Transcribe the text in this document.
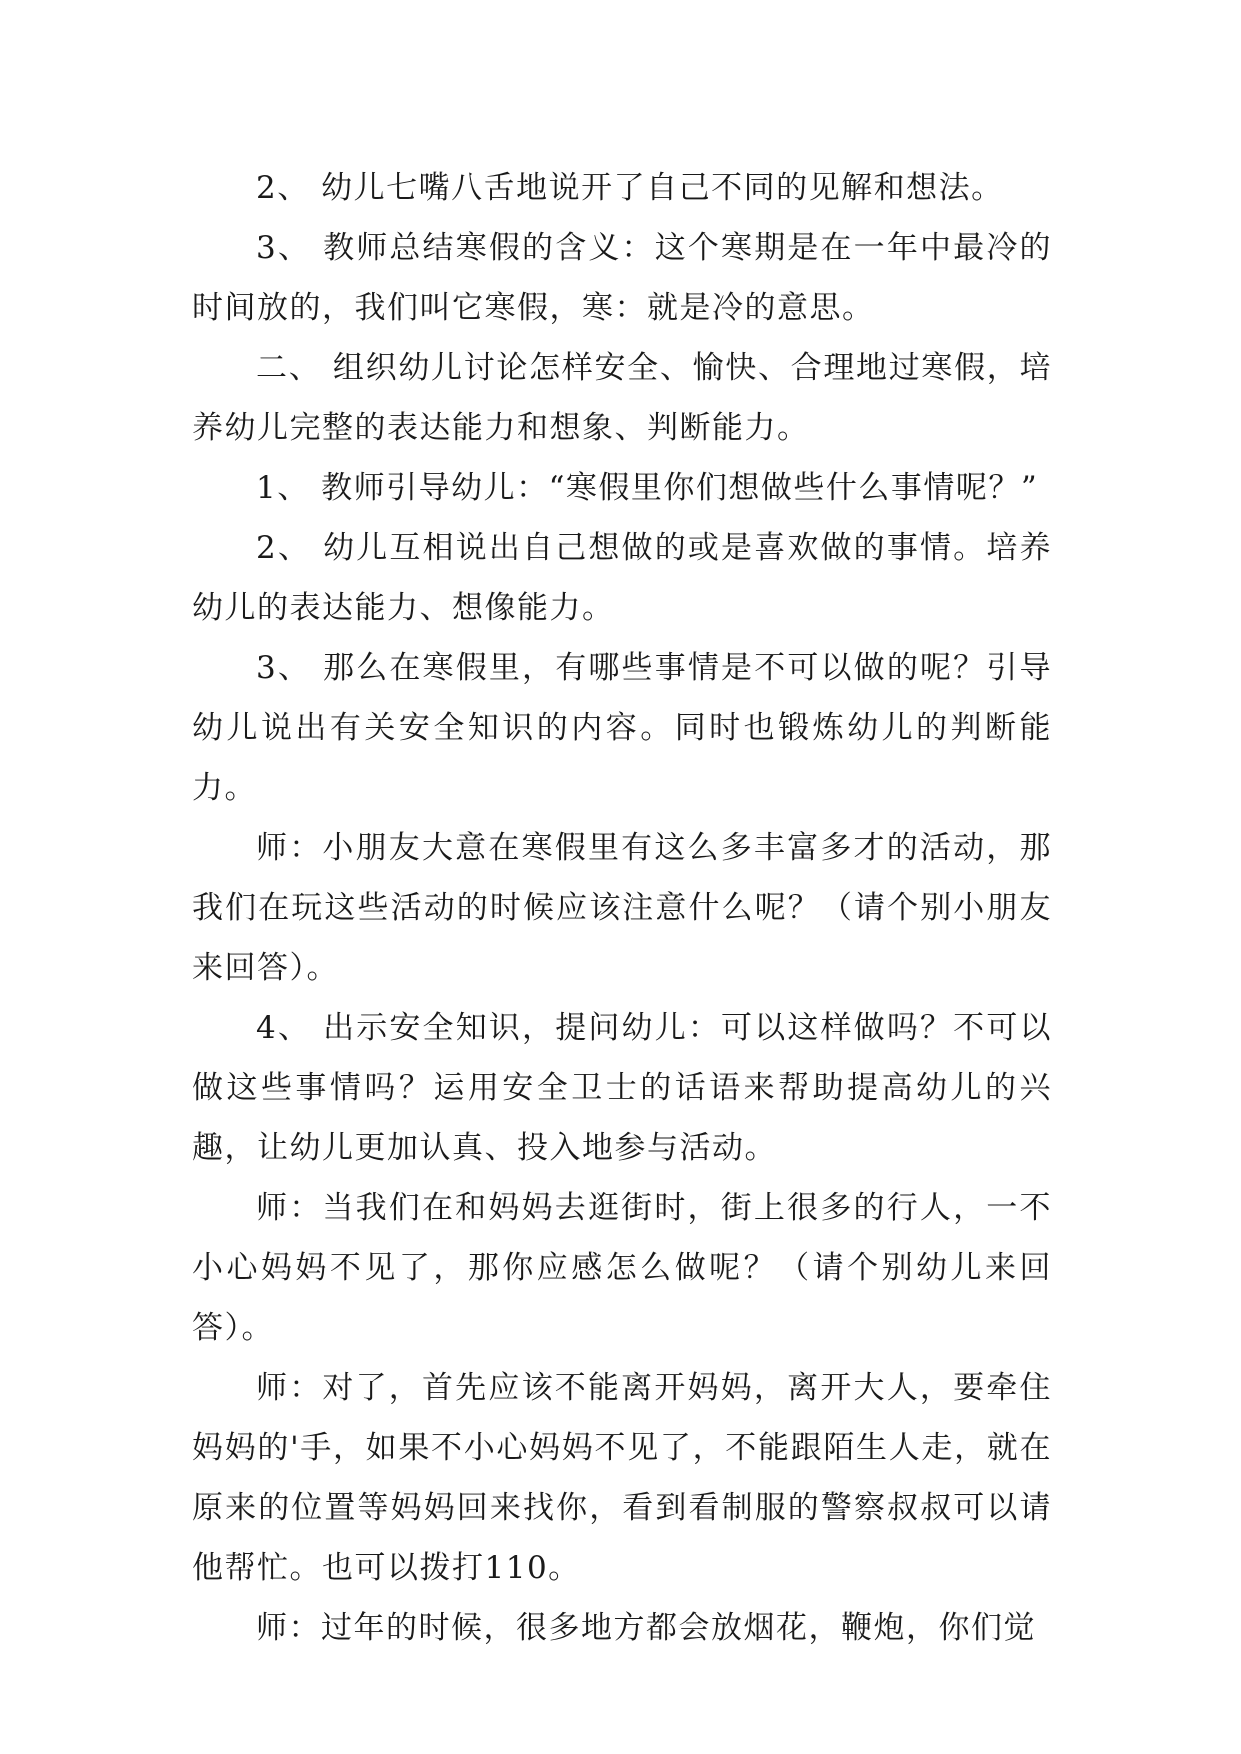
2、 幼儿七嘴八舌地说开了自己不同的见解和想法。

3、 教师总结寒假的含义：这个寒期是在一年中最冷的时间放的，我们叫它寒假，寒：就是冷的意思。

二、 组织幼儿讨论怎样安全、愉快、合理地过寒假，培养幼儿完整的表达能力和想象、判断能力。

1、 教师引导幼儿：“寒假里你们想做些什么事情呢？”

2、 幼儿互相说出自己想做的或是喜欢做的事情。培养幼儿的表达能力、想像能力。

3、 那么在寒假里，有哪些事情是不可以做的呢？引导幼儿说出有关安全知识的内容。同时也锻炼幼儿的判断能力。

师：小朋友大意在寒假里有这么多丰富多才的活动，那我们在玩这些活动的时候应该注意什么呢？（请个别小朋友来回答）。

4、 出示安全知识，提问幼儿：可以这样做吗？不可以做这些事情吗？运用安全卫士的话语来帮助提高幼儿的兴趣，让幼儿更加认真、投入地参与活动。

师：当我们在和妈妈去逛街时，街上很多的行人，一不小心妈妈不见了，那你应感怎么做呢？（请个别幼儿来回答）。

师：对了，首先应该不能离开妈妈，离开大人，要牵住妈妈的'手，如果不小心妈妈不见了，不能跟陌生人走，就在原来的位置等妈妈回来找你，看到看制服的警察叔叔可以请他帮忙。也可以拨打110。

师：过年的时候，很多地方都会放烟花，鞭炮，你们觉
